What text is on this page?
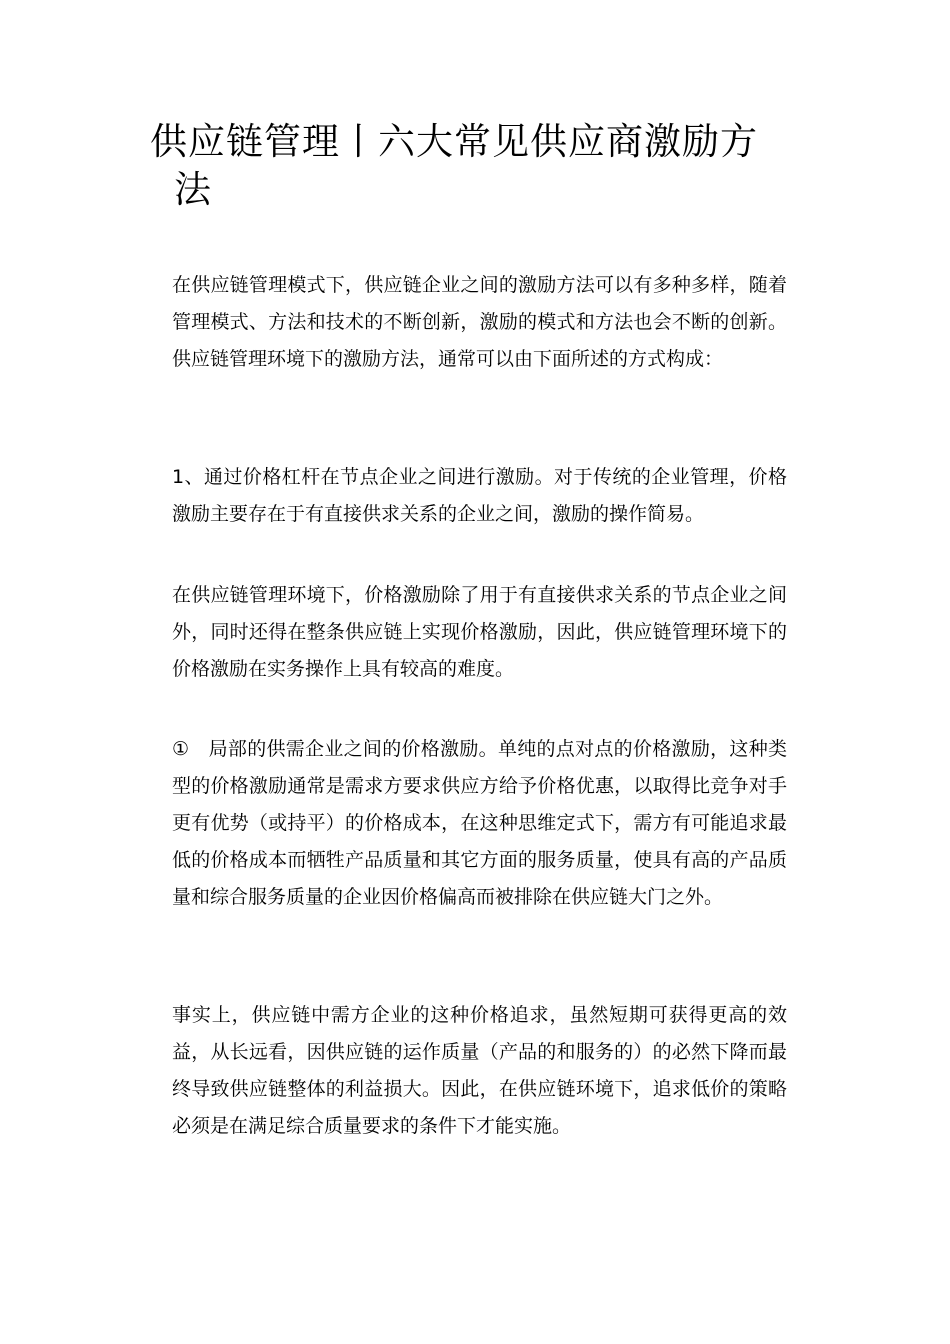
供应链管理丨六大常见供应商激励方
法

在供应链管理模式下，供应链企业之间的激励方法可以有多种多样，随着管理模式、方法和技术的不断创新，激励的模式和方法也会不断的创新。供应链管理环境下的激励方法，通常可以由下面所述的方式构成：

1、通过价格杠杆在节点企业之间进行激励。对于传统的企业管理，价格激励主要存在于有直接供求关系的企业之间，激励的操作简易。

在供应链管理环境下，价格激励除了用于有直接供求关系的节点企业之间外，同时还得在整条供应链上实现价格激励，因此，供应链管理环境下的价格激励在实务操作上具有较高的难度。

①　局部的供需企业之间的价格激励。单纯的点对点的价格激励，这种类型的价格激励通常是需求方要求供应方给予价格优惠，以取得比竞争对手更有优势（或持平）的价格成本，在这种思维定式下，需方有可能追求最低的价格成本而牺牲产品质量和其它方面的服务质量，使具有高的产品质量和综合服务质量的企业因价格偏高而被排除在供应链大门之外。

事实上，供应链中需方企业的这种价格追求，虽然短期可获得更高的效益，从长远看，因供应链的运作质量（产品的和服务的）的必然下降而最终导致供应链整体的利益损大。因此，在供应链环境下，追求低价的策略必须是在满足综合质量要求的条件下才能实施。
